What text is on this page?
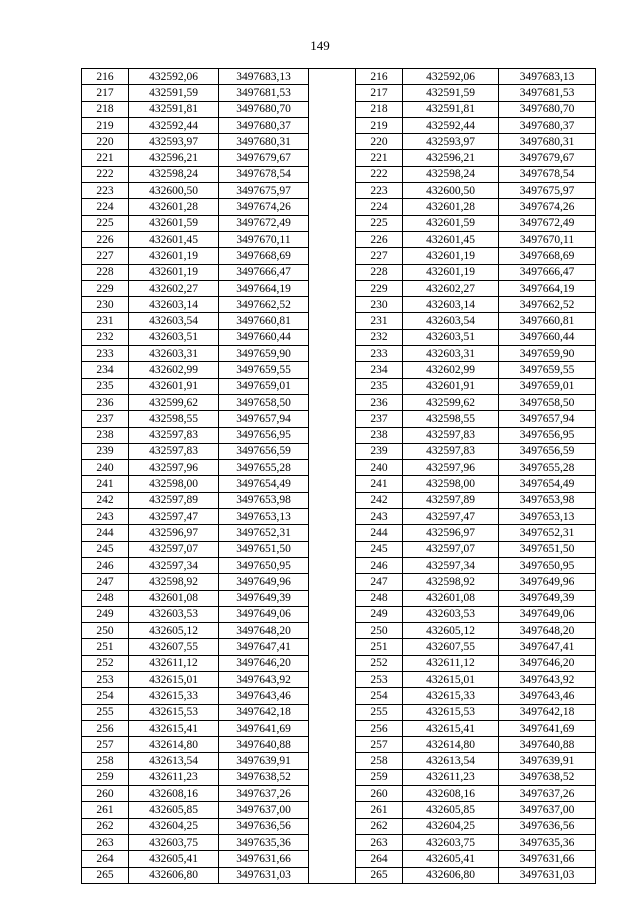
149
216	432592,06	3497683,13		216	432592,06	3497683,13
217	432591,59	3497681,53		217	432591,59	3497681,53
218	432591,81	3497680,70		218	432591,81	3497680,70
219	432592,44	3497680,37		219	432592,44	3497680,37
220	432593,97	3497680,31		220	432593,97	3497680,31
221	432596,21	3497679,67		221	432596,21	3497679,67
222	432598,24	3497678,54		222	432598,24	3497678,54
223	432600,50	3497675,97		223	432600,50	3497675,97
224	432601,28	3497674,26		224	432601,28	3497674,26
225	432601,59	3497672,49		225	432601,59	3497672,49
226	432601,45	3497670,11		226	432601,45	3497670,11
227	432601,19	3497668,69		227	432601,19	3497668,69
228	432601,19	3497666,47		228	432601,19	3497666,47
229	432602,27	3497664,19		229	432602,27	3497664,19
230	432603,14	3497662,52		230	432603,14	3497662,52
231	432603,54	3497660,81		231	432603,54	3497660,81
232	432603,51	3497660,44		232	432603,51	3497660,44
233	432603,31	3497659,90		233	432603,31	3497659,90
234	432602,99	3497659,55		234	432602,99	3497659,55
235	432601,91	3497659,01		235	432601,91	3497659,01
236	432599,62	3497658,50		236	432599,62	3497658,50
237	432598,55	3497657,94		237	432598,55	3497657,94
238	432597,83	3497656,95		238	432597,83	3497656,95
239	432597,83	3497656,59		239	432597,83	3497656,59
240	432597,96	3497655,28		240	432597,96	3497655,28
241	432598,00	3497654,49		241	432598,00	3497654,49
242	432597,89	3497653,98		242	432597,89	3497653,98
243	432597,47	3497653,13		243	432597,47	3497653,13
244	432596,97	3497652,31		244	432596,97	3497652,31
245	432597,07	3497651,50		245	432597,07	3497651,50
246	432597,34	3497650,95		246	432597,34	3497650,95
247	432598,92	3497649,96		247	432598,92	3497649,96
248	432601,08	3497649,39		248	432601,08	3497649,39
249	432603,53	3497649,06		249	432603,53	3497649,06
250	432605,12	3497648,20		250	432605,12	3497648,20
251	432607,55	3497647,41		251	432607,55	3497647,41
252	432611,12	3497646,20		252	432611,12	3497646,20
253	432615,01	3497643,92		253	432615,01	3497643,92
254	432615,33	3497643,46		254	432615,33	3497643,46
255	432615,53	3497642,18		255	432615,53	3497642,18
256	432615,41	3497641,69		256	432615,41	3497641,69
257	432614,80	3497640,88		257	432614,80	3497640,88
258	432613,54	3497639,91		258	432613,54	3497639,91
259	432611,23	3497638,52		259	432611,23	3497638,52
260	432608,16	3497637,26		260	432608,16	3497637,26
261	432605,85	3497637,00		261	432605,85	3497637,00
262	432604,25	3497636,56		262	432604,25	3497636,56
263	432603,75	3497635,36		263	432603,75	3497635,36
264	432605,41	3497631,66		264	432605,41	3497631,66
265	432606,80	3497631,03		265	432606,80	3497631,03
